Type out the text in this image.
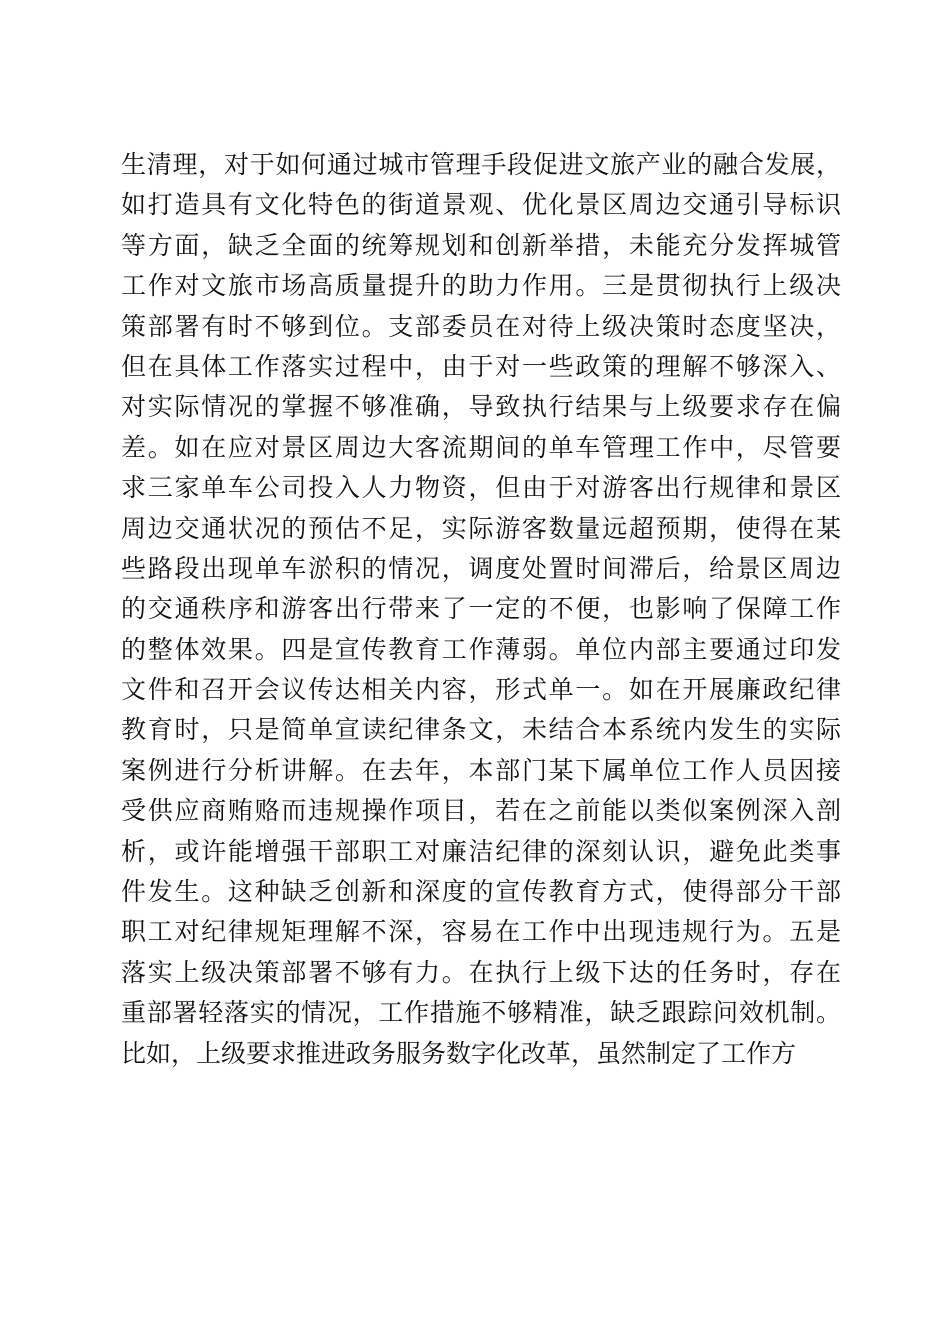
生清理，对于如何通过城市管理手段促进文旅产业的融合发展，
如打造具有文化特色的街道景观、优化景区周边交通引导标识
等方面，缺乏全面的统筹规划和创新举措，未能充分发挥城管
工作对文旅市场高质量提升的助力作用。三是贯彻执行上级决
策部署有时不够到位。支部委员在对待上级决策时态度坚决，
但在具体工作落实过程中，由于对一些政策的理解不够深入、
对实际情况的掌握不够准确，导致执行结果与上级要求存在偏
差。如在应对景区周边大客流期间的单车管理工作中，尽管要
求三家单车公司投入人力物资，但由于对游客出行规律和景区
周边交通状况的预估不足，实际游客数量远超预期，使得在某
些路段出现单车淤积的情况，调度处置时间滞后，给景区周边
的交通秩序和游客出行带来了一定的不便，也影响了保障工作
的整体效果。四是宣传教育工作薄弱。单位内部主要通过印发
文件和召开会议传达相关内容，形式单一。如在开展廉政纪律
教育时，只是简单宣读纪律条文，未结合本系统内发生的实际
案例进行分析讲解。在去年，本部门某下属单位工作人员因接
受供应商贿赂而违规操作项目，若在之前能以类似案例深入剖
析，或许能增强干部职工对廉洁纪律的深刻认识，避免此类事
件发生。这种缺乏创新和深度的宣传教育方式，使得部分干部
职工对纪律规矩理解不深，容易在工作中出现违规行为。五是
落实上级决策部署不够有力。在执行上级下达的任务时，存在
重部署轻落实的情况，工作措施不够精准，缺乏跟踪问效机制。
比如，上级要求推进政务服务数字化改革，虽然制定了工作方
